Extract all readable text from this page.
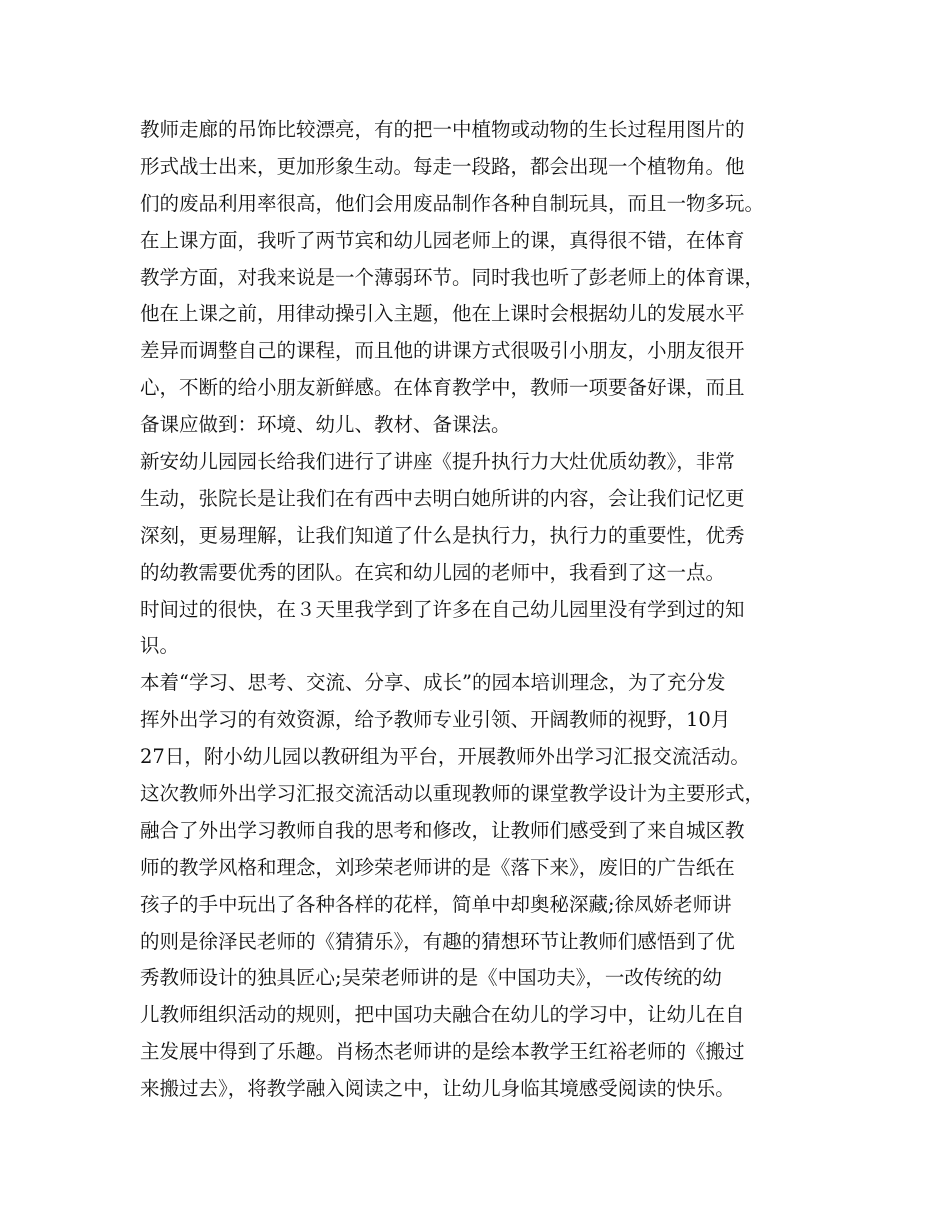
教师走廊的吊饰比较漂亮，有的把一中植物或动物的生长过程用图片的
形式战士出来，更加形象生动。每走一段路，都会出现一个植物角。他
们的废品利用率很高，他们会用废品制作各种自制玩具，而且一物多玩。
在上课方面，我听了两节宾和幼儿园老师上的课，真得很不错，在体育
教学方面，对我来说是一个薄弱环节。同时我也听了彭老师上的体育课，
他在上课之前，用律动操引入主题，他在上课时会根据幼儿的发展水平
差异而调整自己的课程，而且他的讲课方式很吸引小朋友，小朋友很开
心，不断的给小朋友新鲜感。在体育教学中，教师一项要备好课，而且
备课应做到：环境、幼儿、教材、备课法。
新安幼儿园园长给我们进行了讲座《提升执行力大灶优质幼教》，非常
生动，张院长是让我们在有西中去明白她所讲的内容，会让我们记忆更
深刻，更易理解，让我们知道了什么是执行力，执行力的重要性，优秀
的幼教需要优秀的团队。在宾和幼儿园的老师中，我看到了这一点。
时间过的很快，在３天里我学到了许多在自己幼儿园里没有学到过的知
识。
本着“学习、思考、交流、分享、成长”的园本培训理念，为了充分发
挥外出学习的有效资源，给予教师专业引领、开阔教师的视野，10月
27日，附小幼儿园以教研组为平台，开展教师外出学习汇报交流活动。
这次教师外出学习汇报交流活动以重现教师的课堂教学设计为主要形式，
融合了外出学习教师自我的思考和修改，让教师们感受到了来自城区教
师的教学风格和理念，刘珍荣老师讲的是《落下来》，废旧的广告纸在
孩子的手中玩出了各种各样的花样，简单中却奥秘深藏;徐凤娇老师讲
的则是徐泽民老师的《猜猜乐》，有趣的猜想环节让教师们感悟到了优
秀教师设计的独具匠心;吴荣老师讲的是《中国功夫》，一改传统的幼
儿教师组织活动的规则，把中国功夫融合在幼儿的学习中，让幼儿在自
主发展中得到了乐趣。肖杨杰老师讲的是绘本教学王红裕老师的《搬过
来搬过去》，将教学融入阅读之中，让幼儿身临其境感受阅读的快乐。
